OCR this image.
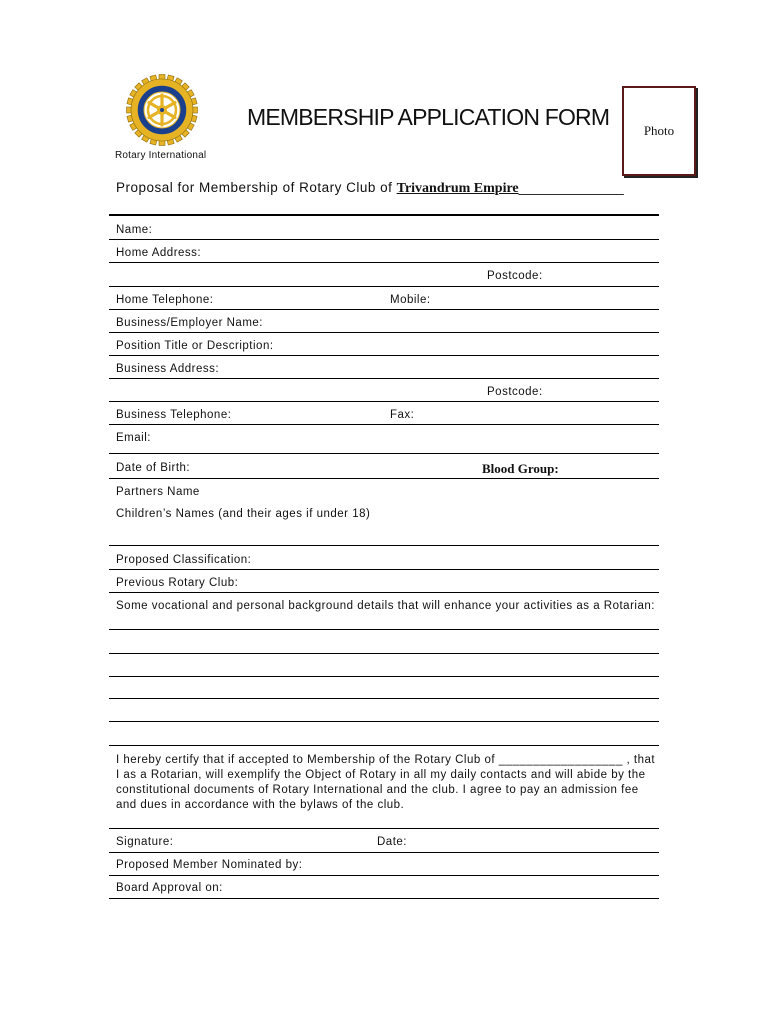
Rotary International
MEMBERSHIP APPLICATION FORM
Photo
Proposal for Membership of Rotary Club of Trivandrum Empire______________
Name:
Home Address:
Postcode:
Home Telephone:	Mobile:
Business/Employer Name:
Position Title or Description:
Business Address:
Postcode:
Business Telephone:	Fax:
Email:
Date of Birth:	Blood Group:
Partners Name
Children’s Names (and their ages if under 18)
Proposed Classification:
Previous Rotary Club:
Some vocational and personal background details that will enhance your activities as a Rotarian:
I hereby certify that if accepted to Membership of the Rotary Club of __________________ , that I as a Rotarian, will exemplify the Object of Rotary in all my daily contacts and will abide by the constitutional documents of Rotary International and the club. I agree to pay an admission fee and dues in accordance with the bylaws of the club.
Signature:	Date:
Proposed Member Nominated by:
Board Approval on:
